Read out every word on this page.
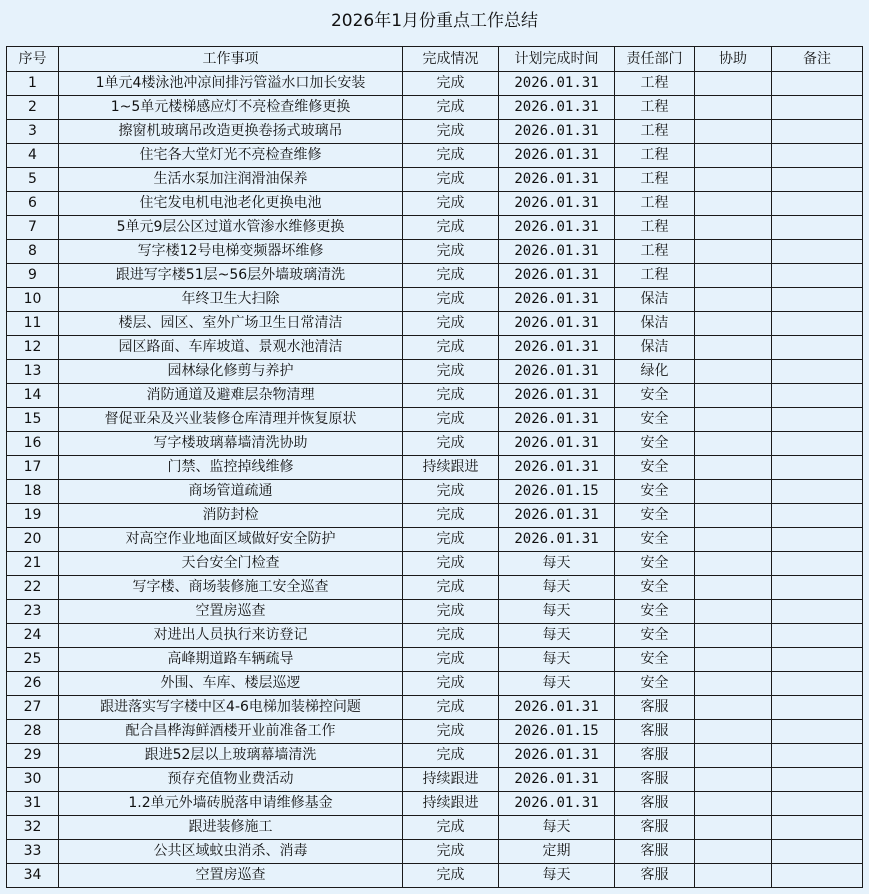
2026年1月份重点工作总结
序号	工作事项	完成情况	计划完成时间	责任部门	协助	备注
1	1单元4楼泳池冲凉间排污管溢水口加长安装	完成	2026.01.31	工程		
2	1~5单元楼梯感应灯不亮检查维修更换	完成	2026.01.31	工程		
3	擦窗机玻璃吊改造更换卷扬式玻璃吊	完成	2026.01.31	工程		
4	住宅各大堂灯光不亮检查维修	完成	2026.01.31	工程		
5	生活水泵加注润滑油保养	完成	2026.01.31	工程		
6	住宅发电机电池老化更换电池	完成	2026.01.31	工程		
7	5单元9层公区过道水管渗水维修更换	完成	2026.01.31	工程		
8	写字楼12号电梯变频器坏维修	完成	2026.01.31	工程		
9	跟进写字楼51层~56层外墙玻璃清洗	完成	2026.01.31	工程		
10	年终卫生大扫除	完成	2026.01.31	保洁		
11	楼层、园区、室外广场卫生日常清洁	完成	2026.01.31	保洁		
12	园区路面、车库坡道、景观水池清洁	完成	2026.01.31	保洁		
13	园林绿化修剪与养护	完成	2026.01.31	绿化		
14	消防通道及避难层杂物清理	完成	2026.01.31	安全		
15	督促亚朵及兴业装修仓库清理并恢复原状	完成	2026.01.31	安全		
16	写字楼玻璃幕墙清洗协助	完成	2026.01.31	安全		
17	门禁、监控掉线维修	持续跟进	2026.01.31	安全		
18	商场管道疏通	完成	2026.01.15	安全		
19	消防封检	完成	2026.01.31	安全		
20	对高空作业地面区域做好安全防护	完成	2026.01.31	安全		
21	天台安全门检查	完成	每天	安全		
22	写字楼、商场装修施工安全巡查	完成	每天	安全		
23	空置房巡查	完成	每天	安全		
24	对进出人员执行来访登记	完成	每天	安全		
25	高峰期道路车辆疏导	完成	每天	安全		
26	外围、车库、楼层巡逻	完成	每天	安全		
27	跟进落实写字楼中区4-6电梯加装梯控问题	完成	2026.01.31	客服		
28	配合昌桦海鲜酒楼开业前准备工作	完成	2026.01.15	客服		
29	跟进52层以上玻璃幕墙清洗	完成	2026.01.31	客服		
30	预存充值物业费活动	持续跟进	2026.01.31	客服		
31	1.2单元外墙砖脱落申请维修基金	持续跟进	2026.01.31	客服		
32	跟进装修施工	完成	每天	客服		
33	公共区域蚊虫消杀、消毒	完成	定期	客服		
34	空置房巡查	完成	每天	客服		
